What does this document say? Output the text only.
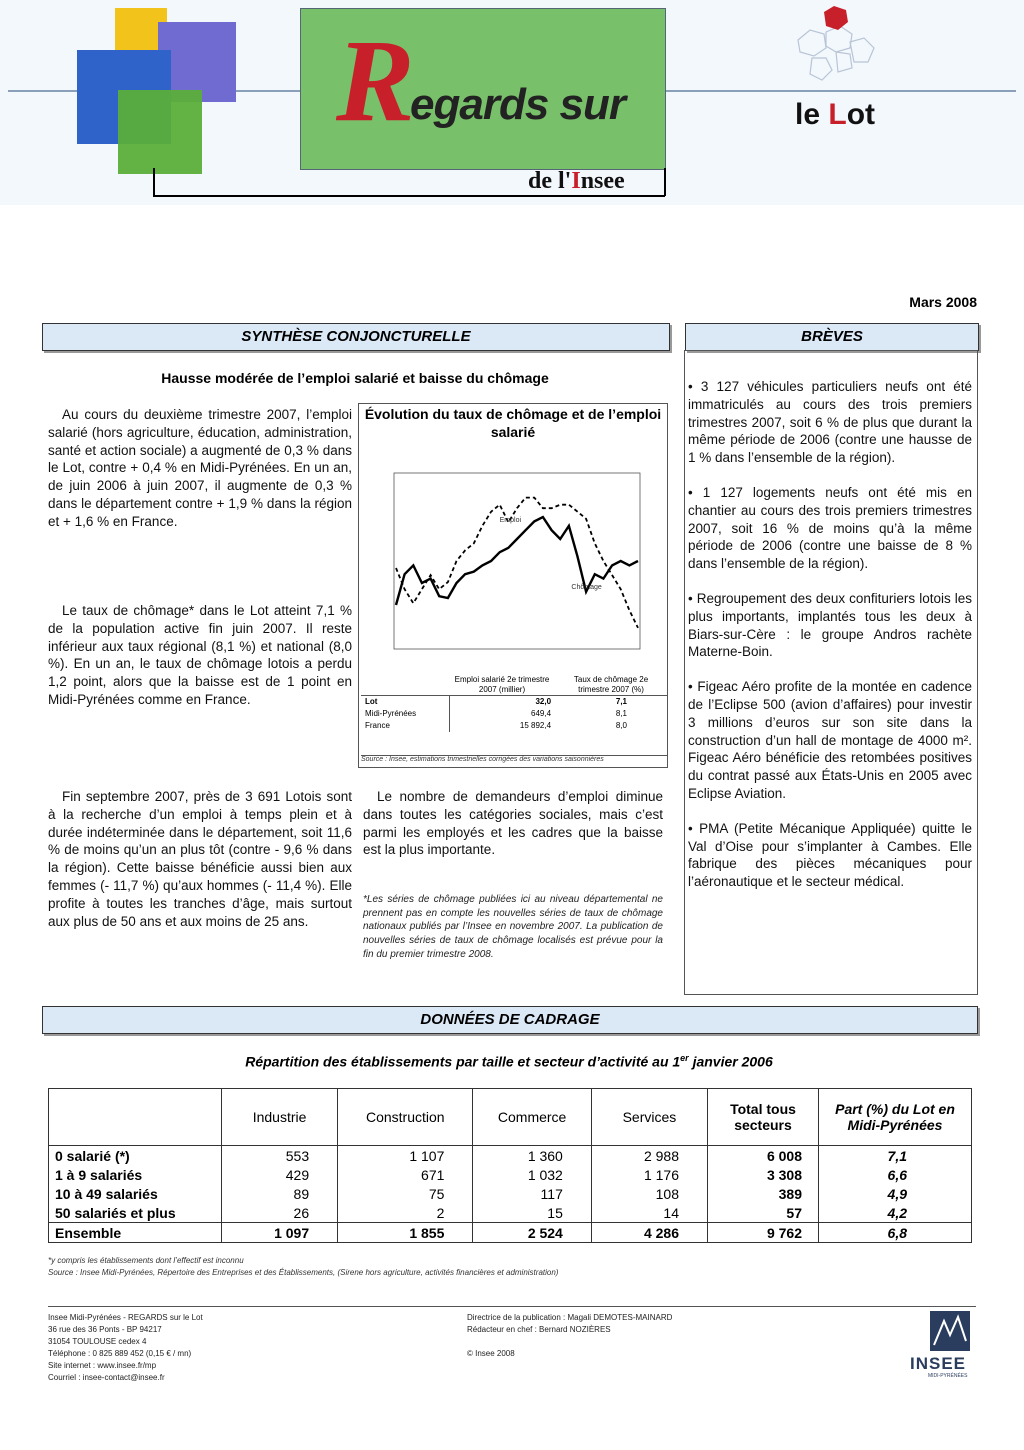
R
egards sur
de l'Insee
le Lot
Mars 2008
SYNTHÈSE CONJONCTURELLE	BRÈVES
Hausse modérée de l’emploi salarié et baisse du chômage
Au cours du deuxième trimestre 2007, l’emploi salarié (hors agriculture, éducation, administration, santé et action sociale) a augmenté de 0,3 % dans le Lot, contre + 0,4 % en Midi-Pyrénées. En un an, de juin 2006 à juin 2007, il augmente de 0,3 % dans le département contre + 1,9 % dans la région et + 1,6 % en France.
Le taux de chômage* dans le Lot atteint 7,1 % de la population active fin juin 2007. Il reste inférieur aux taux régional (8,1 %) et national (8,0 %). En un an, le taux de chômage lotois a perdu 1,2 point, alors que la baisse est de 1 point en Midi-Pyrénées comme en France.
Fin septembre 2007, près de 3 691 Lotois sont à la recherche d’un emploi à temps plein et à durée indéterminée dans le département, soit 11,6 % de moins qu’un an plus tôt (contre - 9,6 % dans la région). Cette baisse bénéficie aussi bien aux femmes (- 11,7 %) qu’aux hommes (- 11,4 %). Elle profite à toutes les tranches d’âge, mais surtout aux plus de 50 ans et aux moins de 25 ans.
Le nombre de demandeurs d’emploi diminue dans toutes les catégories sociales, mais c’est parmi les employés et les cadres que la baisse est la plus importante.
*Les séries de chômage publiées ici au niveau départemental ne prennent pas en compte les nouvelles séries de taux de chômage nationaux publiés par l’Insee en novembre 2007. La publication de nouvelles séries de taux de chômage localisés est prévue pour la fin du premier trimestre 2008.
Évolution du taux de chômage et de l’emploi salarié
Emploi
Chômage
	Emploi salarié 2e trimestre 2007 (millier)	Taux de chômage 2e trimestre 2007 (%)
Lot	32,0	7,1
Midi-Pyrénées	649,4	8,1
France	15 892,4	8,0
Source : Insee, estimations trimestrielles corrigées des variations saisonnières
• 3 127 véhicules particuliers neufs ont été immatriculés au cours des trois premiers trimestres 2007, soit 6 % de plus que durant la même période de 2006 (contre une hausse de 1 % dans l’ensemble de la région).
• 1 127 logements neufs ont été mis en chantier au cours des trois premiers trimestres 2007, soit 16 % de moins qu’à la même période de 2006 (contre une baisse de 8 % dans l’ensemble de la région).
• Regroupement des deux confituriers lotois les plus importants, implantés tous les deux à Biars-sur-Cère : le groupe Andros rachète Materne-Boin.
• Figeac Aéro profite de la montée en cadence de l’Eclipse 500 (avion d’affaires) pour investir 3 millions d’euros sur son site dans la construction d’un hall de montage de 4000 m². Figeac Aéro bénéficie des retombées positives du contrat passé aux États-Unis en 2005 avec Eclipse Aviation.
• PMA (Petite Mécanique Appliquée) quitte le Val d’Oise pour s’implanter à Cambes. Elle fabrique des pièces mécaniques pour l’aéronautique et le secteur médical.
DONNÉES DE CADRAGE
Répartition des établissements par taille et secteur d’activité au 1er janvier 2006
	Industrie	Construction	Commerce	Services	Total tous secteurs	Part (%) du Lot en Midi-Pyrénées
0 salarié (*)	553	1 107	1 360	2 988	6 008	7,1
1 à 9 salariés	429	671	1 032	1 176	3 308	6,6
10 à 49 salariés	89	75	117	108	389	4,9
50 salariés et plus	26	2	15	14	57	4,2
Ensemble	1 097	1 855	2 524	4 286	9 762	6,8
*y compris les établissements dont l’effectif est inconnu
Source : Insee Midi-Pyrénées, Répertoire des Entreprises et des Établissements, (Sirene hors agriculture, activités financières et administration)
Insee Midi-Pyrénées - REGARDS sur le Lot
36 rue des 36 Ponts - BP 94217
31054 TOULOUSE cedex 4
Téléphone : 0 825 889 452 (0,15 € / mn)
Site internet : www.insee.fr/mp
Courriel : insee-contact@insee.fr
Directrice de la publication : Magali DEMOTES-MAINARD
Rédacteur en chef : Bernard NOZIÈRES
© Insee 2008
INSEE
MIDI-PYRÉNÉES
